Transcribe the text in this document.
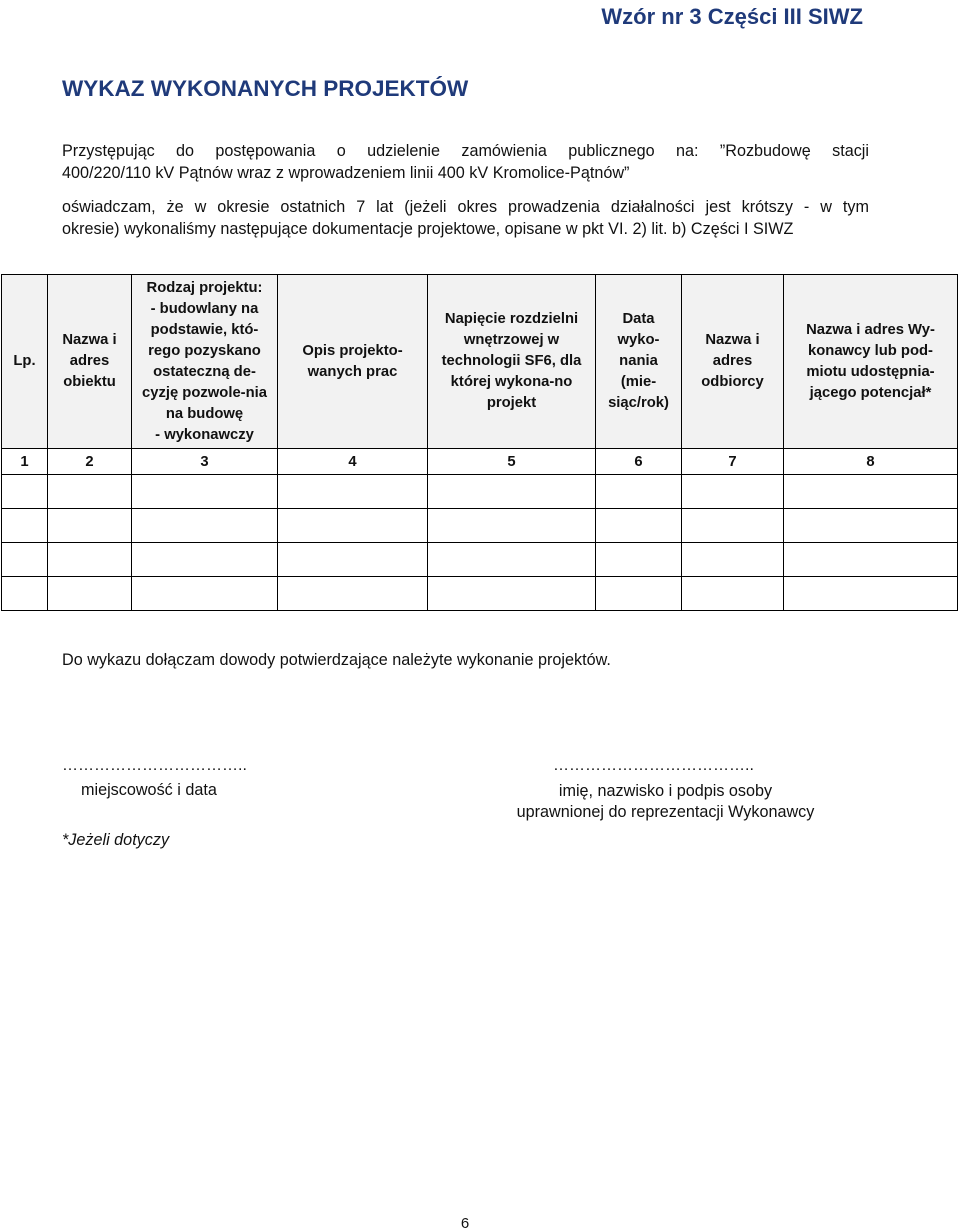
Wzór nr 3 Części III SIWZ
WYKAZ WYKONANYCH PROJEKTÓW
Przystępując do postępowania o udzielenie zamówienia publicznego na: ”Rozbudowę stacji
400/220/110 kV Pątnów wraz z wprowadzeniem linii 400 kV Kromolice-Pątnów”
oświadczam, że w okresie ostatnich 7 lat (jeżeli okres prowadzenia działalności jest krótszy - w tym
okresie) wykonaliśmy następujące dokumentacje projektowe, opisane w pkt VI. 2) lit. b) Części I SIWZ
Lp.	Nazwa i adres obiektu	Rodzaj projektu:
- budowlany na podstawie, któ-rego pozyskano ostateczną de-cyzję pozwole-nia na budowę
- wykonawczy	Opis projekto-wanych prac	Napięcie rozdzielni wnętrzowej w technologii SF6, dla której wykona-no projekt	Data wyko-nania (mie-siąc/rok)	Nazwa i adres odbiorcy	Nazwa i adres Wy-konawcy lub pod-miotu udostępnia-jącego potencjał*

1	2	3	4	5	6	7	8

Do wykazu dołączam dowody potwierdzające należyte wykonanie projektów.
……………………………..	………………………………..
miejscowość i data	imię, nazwisko i podpis osoby
uprawnionej do reprezentacji Wykonawcy
*Jeżeli dotyczy
6
